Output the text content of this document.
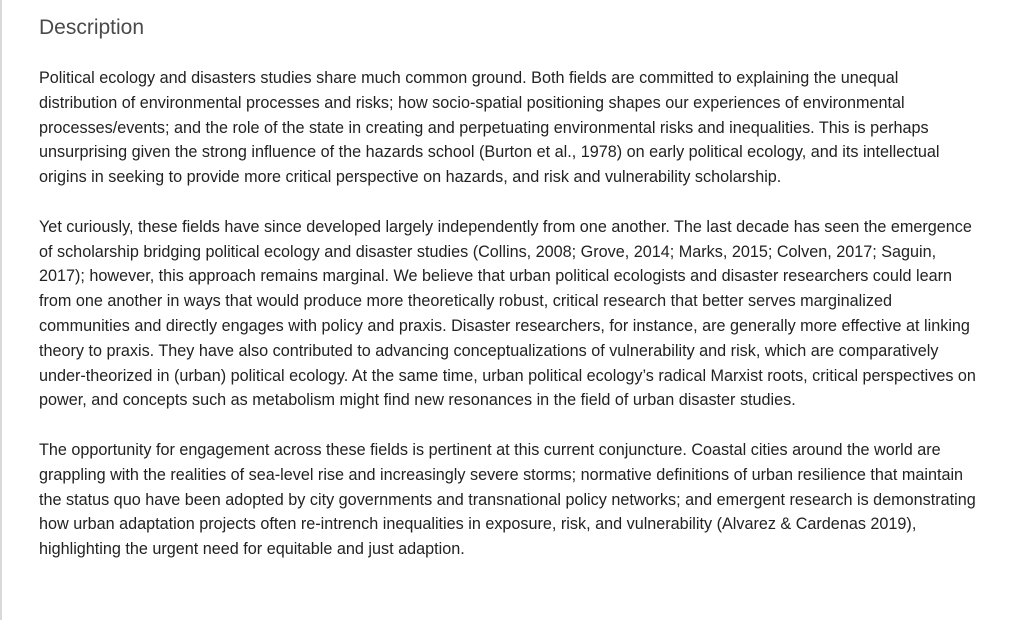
Description

Political ecology and disasters studies share much common ground. Both fields are committed to explaining the unequal distribution of environmental processes and risks; how socio-spatial positioning shapes our experiences of environmental processes/events; and the role of the state in creating and perpetuating environmental risks and inequalities. This is perhaps unsurprising given the strong influence of the hazards school (Burton et al., 1978) on early political ecology, and its intellectual origins in seeking to provide more critical perspective on hazards, and risk and vulnerability scholarship.

Yet curiously, these fields have since developed largely independently from one another. The last decade has seen the emergence of scholarship bridging political ecology and disaster studies (Collins, 2008; Grove, 2014; Marks, 2015; Colven, 2017; Saguin, 2017); however, this approach remains marginal. We believe that urban political ecologists and disaster researchers could learn from one another in ways that would produce more theoretically robust, critical research that better serves marginalized communities and directly engages with policy and praxis. Disaster researchers, for instance, are generally more effective at linking theory to praxis. They have also contributed to advancing conceptualizations of vulnerability and risk, which are comparatively under-theorized in (urban) political ecology. At the same time, urban political ecology’s radical Marxist roots, critical perspectives on power, and concepts such as metabolism might find new resonances in the field of urban disaster studies.

The opportunity for engagement across these fields is pertinent at this current conjuncture. Coastal cities around the world are grappling with the realities of sea-level rise and increasingly severe storms; normative definitions of urban resilience that maintain the status quo have been adopted by city governments and transnational policy networks; and emergent research is demonstrating how urban adaptation projects often re-intrench inequalities in exposure, risk, and vulnerability (Alvarez & Cardenas 2019), highlighting the urgent need for equitable and just adaption.
